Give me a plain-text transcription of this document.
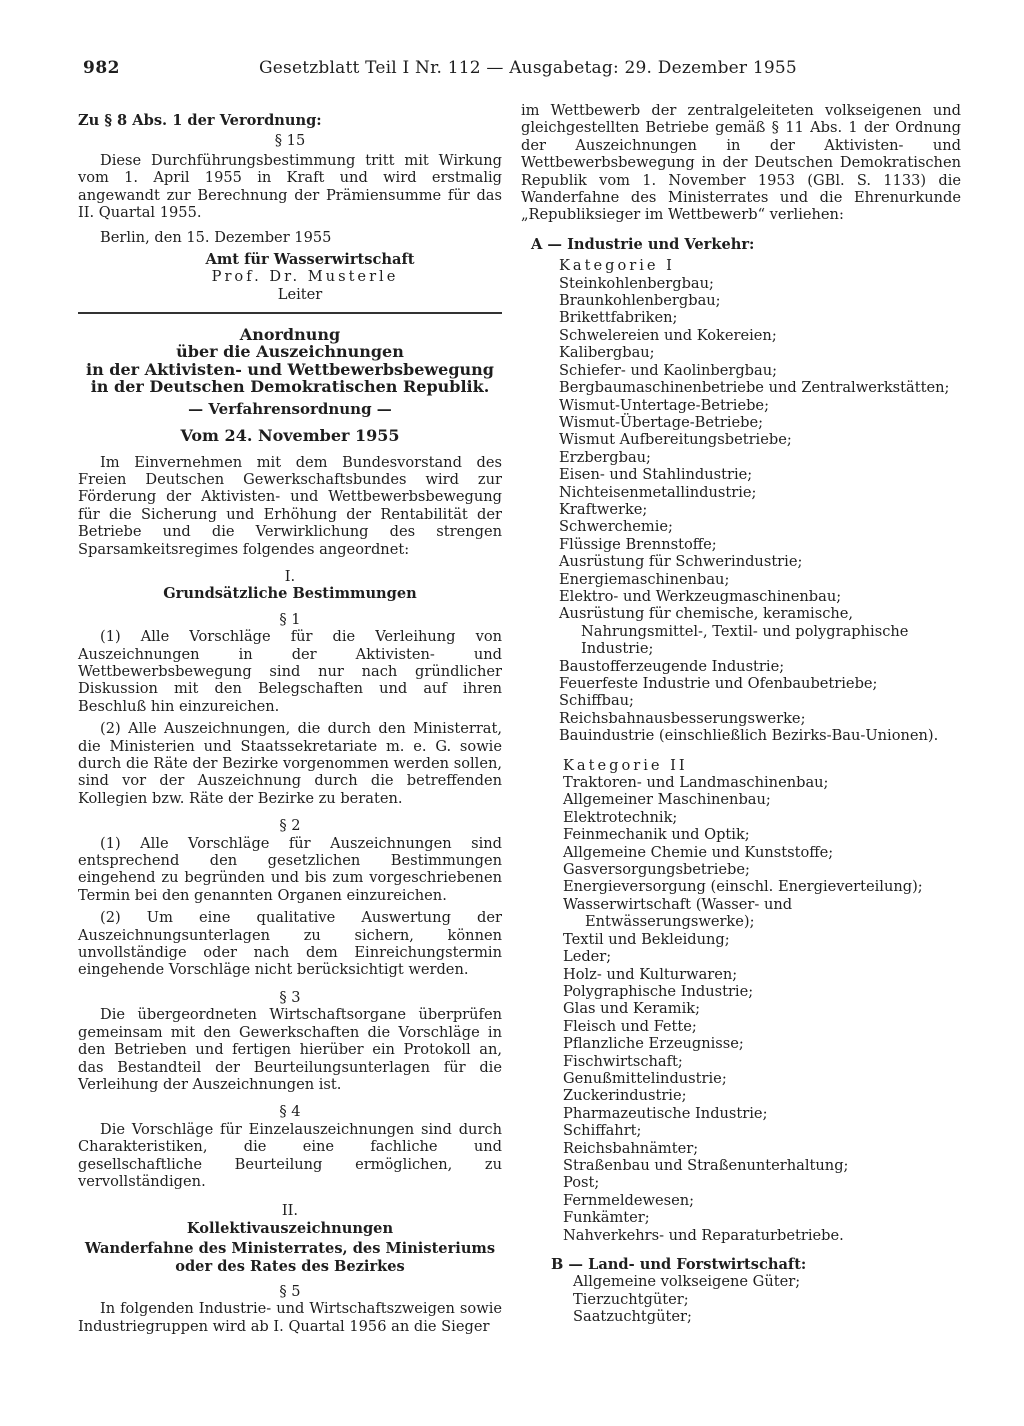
982	Gesetzblatt Teil I Nr. 112 — Ausgabetag: 29. Dezember 1955

Zu § 8 Abs. 1 der Verordnung:

§ 15

Diese Durchführungsbestimmung tritt mit Wirkung vom 1. April 1955 in Kraft und wird erstmalig angewandt zur Berechnung der Prämiensumme für das II. Quartal 1955.

Berlin, den 15. Dezember 1955

Amt für Wasserwirtschaft

Prof. Dr. Musterle

Leiter

Anordnung

über die Auszeichnungen

in der Aktivisten- und Wettbewerbsbewegung

in der Deutschen Demokratischen Republik.

— Verfahrensordnung —

Vom 24. November 1955

Im Einvernehmen mit dem Bundesvorstand des Freien Deutschen Gewerkschaftsbundes wird zur Förderung der Aktivisten- und Wettbewerbsbewegung für die Sicherung und Erhöhung der Rentabilität der Betriebe und die Verwirklichung des strengen Sparsamkeitsregimes folgendes angeordnet:

I.

Grundsätzliche Bestimmungen

§ 1

(1) Alle Vorschläge für die Verleihung von Auszeichnungen in der Aktivisten- und Wettbewerbsbewegung sind nur nach gründlicher Diskussion mit den Belegschaften und auf ihren Beschluß hin einzureichen.

(2) Alle Auszeichnungen, die durch den Ministerrat, die Ministerien und Staatssekretariate m. e. G. sowie durch die Räte der Bezirke vorgenommen werden sollen, sind vor der Auszeichnung durch die betreffenden Kollegien bzw. Räte der Bezirke zu beraten.

§ 2

(1) Alle Vorschläge für Auszeichnungen sind entsprechend den gesetzlichen Bestimmungen eingehend zu begründen und bis zum vorgeschriebenen Termin bei den genannten Organen einzureichen.

(2) Um eine qualitative Auswertung der Auszeichnungsunterlagen zu sichern, können unvollständige oder nach dem Einreichungstermin eingehende Vorschläge nicht berücksichtigt werden.

§ 3

Die übergeordneten Wirtschaftsorgane überprüfen gemeinsam mit den Gewerkschaften die Vorschläge in den Betrieben und fertigen hierüber ein Protokoll an, das Bestandteil der Beurteilungsunterlagen für die Verleihung der Auszeichnungen ist.

§ 4

Die Vorschläge für Einzelauszeichnungen sind durch Charakteristiken, die eine fachliche und gesellschaftliche Beurteilung ermöglichen, zu vervollständigen.

II.

Kollektivauszeichnungen

Wanderfahne des Ministerrates, des Ministeriums

oder des Rates des Bezirkes

§ 5

In folgenden Industrie- und Wirtschaftszweigen sowie Industriegruppen wird ab I. Quartal 1956 an die Sieger

im Wettbewerb der zentralgeleiteten volkseigenen und gleichgestellten Betriebe gemäß § 11 Abs. 1 der Ordnung der Auszeichnungen in der Aktivisten- und Wettbewerbsbewegung in der Deutschen Demokratischen Republik vom 1. November 1953 (GBl. S. 1133) die Wanderfahne des Ministerrates und die Ehrenurkunde „Republiksieger im Wettbewerb“ verliehen:

A — Industrie und Verkehr:

Kategorie I

Steinkohlenbergbau;
Braunkohlenbergbau;
Brikettfabriken;
Schwelereien und Kokereien;
Kalibergbau;
Schiefer- und Kaolinbergbau;
Bergbaumaschinenbetriebe und Zentralwerkstätten;
Wismut-Untertage-Betriebe;
Wismut-Übertage-Betriebe;
Wismut Aufbereitungsbetriebe;
Erzbergbau;
Eisen- und Stahlindustrie;
Nichteisenmetallindustrie;
Kraftwerke;
Schwerchemie;
Flüssige Brennstoffe;
Ausrüstung für Schwerindustrie;
Energiemaschinenbau;
Elektro- und Werkzeugmaschinenbau;
Ausrüstung für chemische, keramische, Nahrungsmittel-, Textil- und polygraphische Industrie;
Baustofferzeugende Industrie;
Feuerfeste Industrie und Ofenbaubetriebe;
Schiffbau;
Reichsbahnausbesserungswerke;
Bauindustrie (einschließlich Bezirks-Bau-Unionen).

Kategorie II

Traktoren- und Landmaschinenbau;
Allgemeiner Maschinenbau;
Elektrotechnik;
Feinmechanik und Optik;
Allgemeine Chemie und Kunststoffe;
Gasversorgungsbetriebe;
Energieversorgung (einschl. Energieverteilung);
Wasserwirtschaft (Wasser- und Entwässerungswerke);
Textil und Bekleidung;
Leder;
Holz- und Kulturwaren;
Polygraphische Industrie;
Glas und Keramik;
Fleisch und Fette;
Pflanzliche Erzeugnisse;
Fischwirtschaft;
Genußmittelindustrie;
Zuckerindustrie;
Pharmazeutische Industrie;
Schiffahrt;
Reichsbahnämter;
Straßenbau und Straßenunterhaltung;
Post;
Fernmeldewesen;
Funkämter;
Nahverkehrs- und Reparaturbetriebe.

B — Land- und Forstwirtschaft:

Allgemeine volkseigene Güter;
Tierzuchtgüter;
Saatzuchtgüter;
